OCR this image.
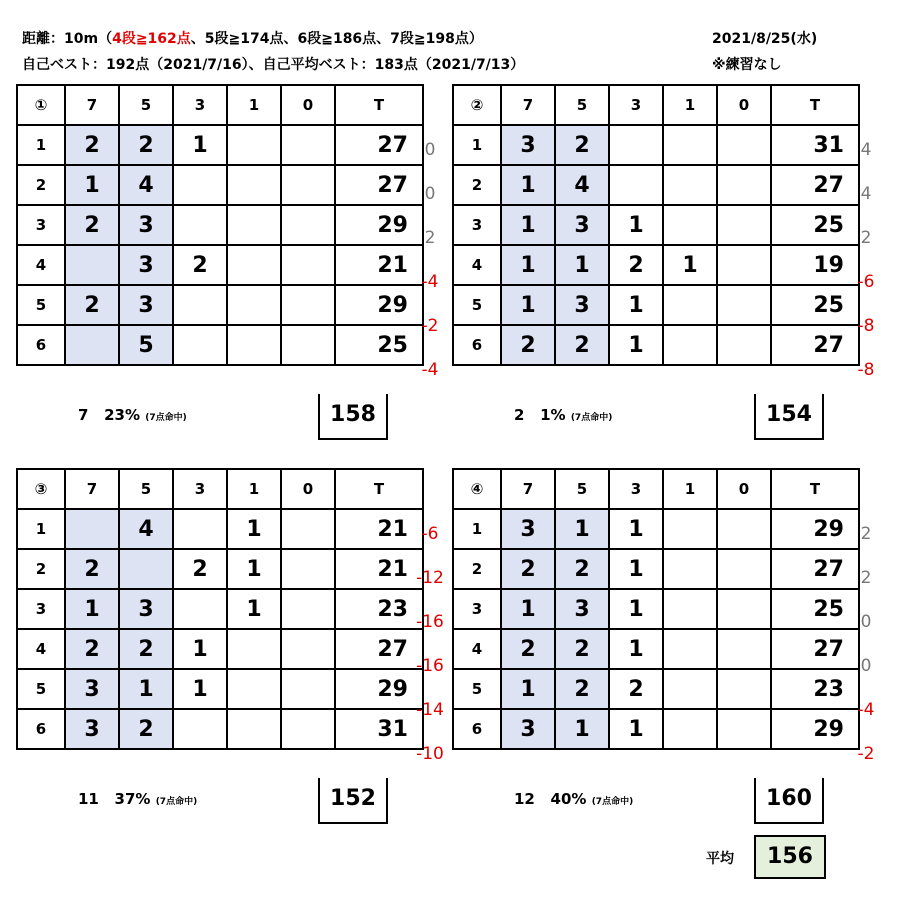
距離：10m（4段≧162点、5段≧174点、6段≧186点、7段≧198点）
自己ベスト：192点（2021/7/16）、自己平均ベスト：183点（2021/7/13）
2021/8/25(水)
※練習なし
①	7	5	3	1	0	T
1	2	2	1			27
2	1	4				27
3	2	3				29
4		3	2			21
5	2	3				29
6		5				25
0
0
2
-4
-2
-4
7 23% (7点命中)	158
②	7	5	3	1	0	T
1	3	2				31
2	1	4				27
3	1	3	1			25
4	1	1	2	1		19
5	1	3	1			25
6	2	2	1			27
4
4
2
-6
-8
-8
2 1% (7点命中)	154
③	7	5	3	1	0	T
1		4		1		21
2	2		2	1		21
3	1	3		1		23
4	2	2	1			27
5	3	1	1			29
6	3	2				31
-6
-12
-16
-16
-14
-10
11 37% (7点命中)	152
④	7	5	3	1	0	T
1	3	1	1			29
2	2	2	1			27
3	1	3	1			25
4	2	2	1			27
5	1	2	2			23
6	3	1	1			29
2
2
0
0
-4
-2
12 40% (7点命中)	160
平均	156
